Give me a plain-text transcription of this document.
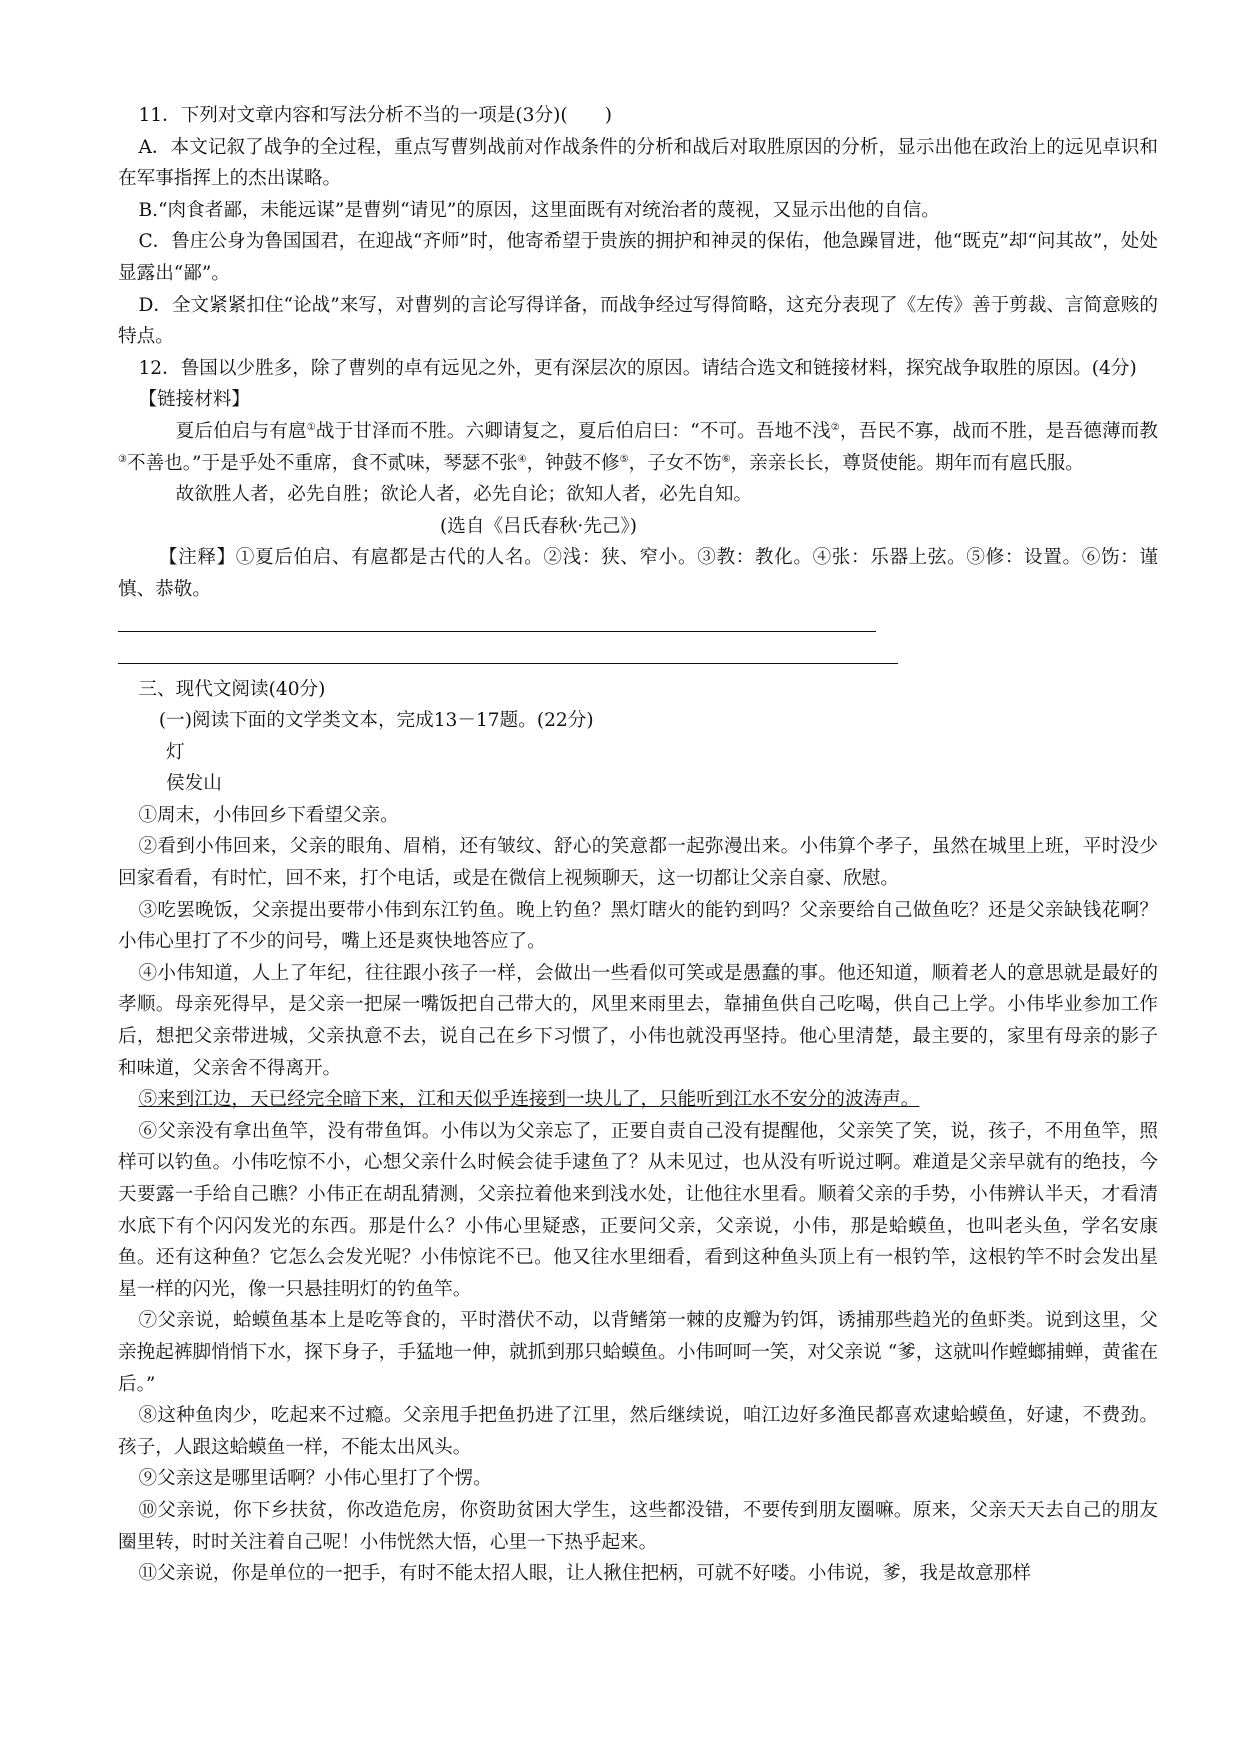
11．下列对文章内容和写法分析不当的一项是(3分)(　　)

A．本文记叙了战争的全过程，重点写曹刿战前对作战条件的分析和战后对取胜原因的分析，显示出他在政治上的远见卓识和在军事指挥上的杰出谋略。

B.“肉食者鄙，未能远谋”是曹刿“请见”的原因，这里面既有对统治者的蔑视，又显示出他的自信。

C．鲁庄公身为鲁国国君，在迎战“齐师”时，他寄希望于贵族的拥护和神灵的保佑，他急躁冒进，他“既克”却“问其故”，处处显露出“鄙”。

D．全文紧紧扣住“论战”来写，对曹刿的言论写得详备，而战争经过写得简略，这充分表现了《左传》善于剪裁、言简意赅的特点。

12．鲁国以少胜多，除了曹刿的卓有远见之外，更有深层次的原因。请结合选文和链接材料，探究战争取胜的原因。(4分)

【链接材料】

夏后伯启与有扈①战于甘泽而不胜。六卿请复之，夏后伯启曰：“不可。吾地不浅②，吾民不寡，战而不胜，是吾德薄而教③不善也。”于是乎处不重席，食不贰味，琴瑟不张④，钟鼓不修⑤，子女不饬⑥，亲亲长长，尊贤使能。期年而有扈氏服。

故欲胜人者，必先自胜；欲论人者，必先自论；欲知人者，必先自知。

(选自《吕氏春秋·先己》)

【注释】①夏后伯启、有扈都是古代的人名。②浅：狭、窄小。③教：教化。④张：乐器上弦。⑤修：设置。⑥饬：谨慎、恭敬。

三、现代文阅读(40分)

(一)阅读下面的文学类文本，完成13－17题。(22分)

灯

侯发山

①周末，小伟回乡下看望父亲。

②看到小伟回来，父亲的眼角、眉梢，还有皱纹、舒心的笑意都一起弥漫出来。小伟算个孝子，虽然在城里上班，平时没少回家看看，有时忙，回不来，打个电话，或是在微信上视频聊天，这一切都让父亲自豪、欣慰。

③吃罢晚饭，父亲提出要带小伟到东江钓鱼。晚上钓鱼？黑灯瞎火的能钓到吗？父亲要给自己做鱼吃？还是父亲缺钱花啊？小伟心里打了不少的问号，嘴上还是爽快地答应了。

④小伟知道，人上了年纪，往往跟小孩子一样，会做出一些看似可笑或是愚蠢的事。他还知道，顺着老人的意思就是最好的孝顺。母亲死得早，是父亲一把屎一嘴饭把自己带大的，风里来雨里去，靠捕鱼供自己吃喝，供自己上学。小伟毕业参加工作后，想把父亲带进城，父亲执意不去，说自己在乡下习惯了，小伟也就没再坚持。他心里清楚，最主要的，家里有母亲的影子和味道，父亲舍不得离开。

⑤来到江边，天已经完全暗下来，江和天似乎连接到一块儿了，只能听到江水不安分的波涛声。

⑥父亲没有拿出鱼竿，没有带鱼饵。小伟以为父亲忘了，正要自责自己没有提醒他，父亲笑了笑，说，孩子，不用鱼竿，照样可以钓鱼。小伟吃惊不小，心想父亲什么时候会徒手逮鱼了？从未见过，也从没有听说过啊。难道是父亲早就有的绝技，今天要露一手给自己瞧？小伟正在胡乱猜测，父亲拉着他来到浅水处，让他往水里看。顺着父亲的手势，小伟辨认半天，才看清水底下有个闪闪发光的东西。那是什么？小伟心里疑惑，正要问父亲，父亲说，小伟，那是蛤蟆鱼，也叫老头鱼，学名安康鱼。还有这种鱼？它怎么会发光呢？小伟惊诧不已。他又往水里细看，看到这种鱼头顶上有一根钓竿，这根钓竿不时会发出星星一样的闪光，像一只悬挂明灯的钓鱼竿。

⑦父亲说，蛤蟆鱼基本上是吃等食的，平时潜伏不动，以背鳍第一棘的皮瓣为钓饵，诱捕那些趋光的鱼虾类。说到这里，父亲挽起裤脚悄悄下水，探下身子，手猛地一伸，就抓到那只蛤蟆鱼。小伟呵呵一笑，对父亲说 “爹，这就叫作螳螂捕蝉，黄雀在后。”

⑧这种鱼肉少，吃起来不过瘾。父亲甩手把鱼扔进了江里，然后继续说，咱江边好多渔民都喜欢逮蛤蟆鱼，好逮，不费劲。孩子，人跟这蛤蟆鱼一样，不能太出风头。

⑨父亲这是哪里话啊？小伟心里打了个愣。

⑩父亲说，你下乡扶贫，你改造危房，你资助贫困大学生，这些都没错，不要传到朋友圈嘛。原来，父亲天天去自己的朋友圈里转，时时关注着自己呢！小伟恍然大悟，心里一下热乎起来。

⑪父亲说，你是单位的一把手，有时不能太招人眼，让人揪住把柄，可就不好喽。小伟说，爹，我是故意那样
